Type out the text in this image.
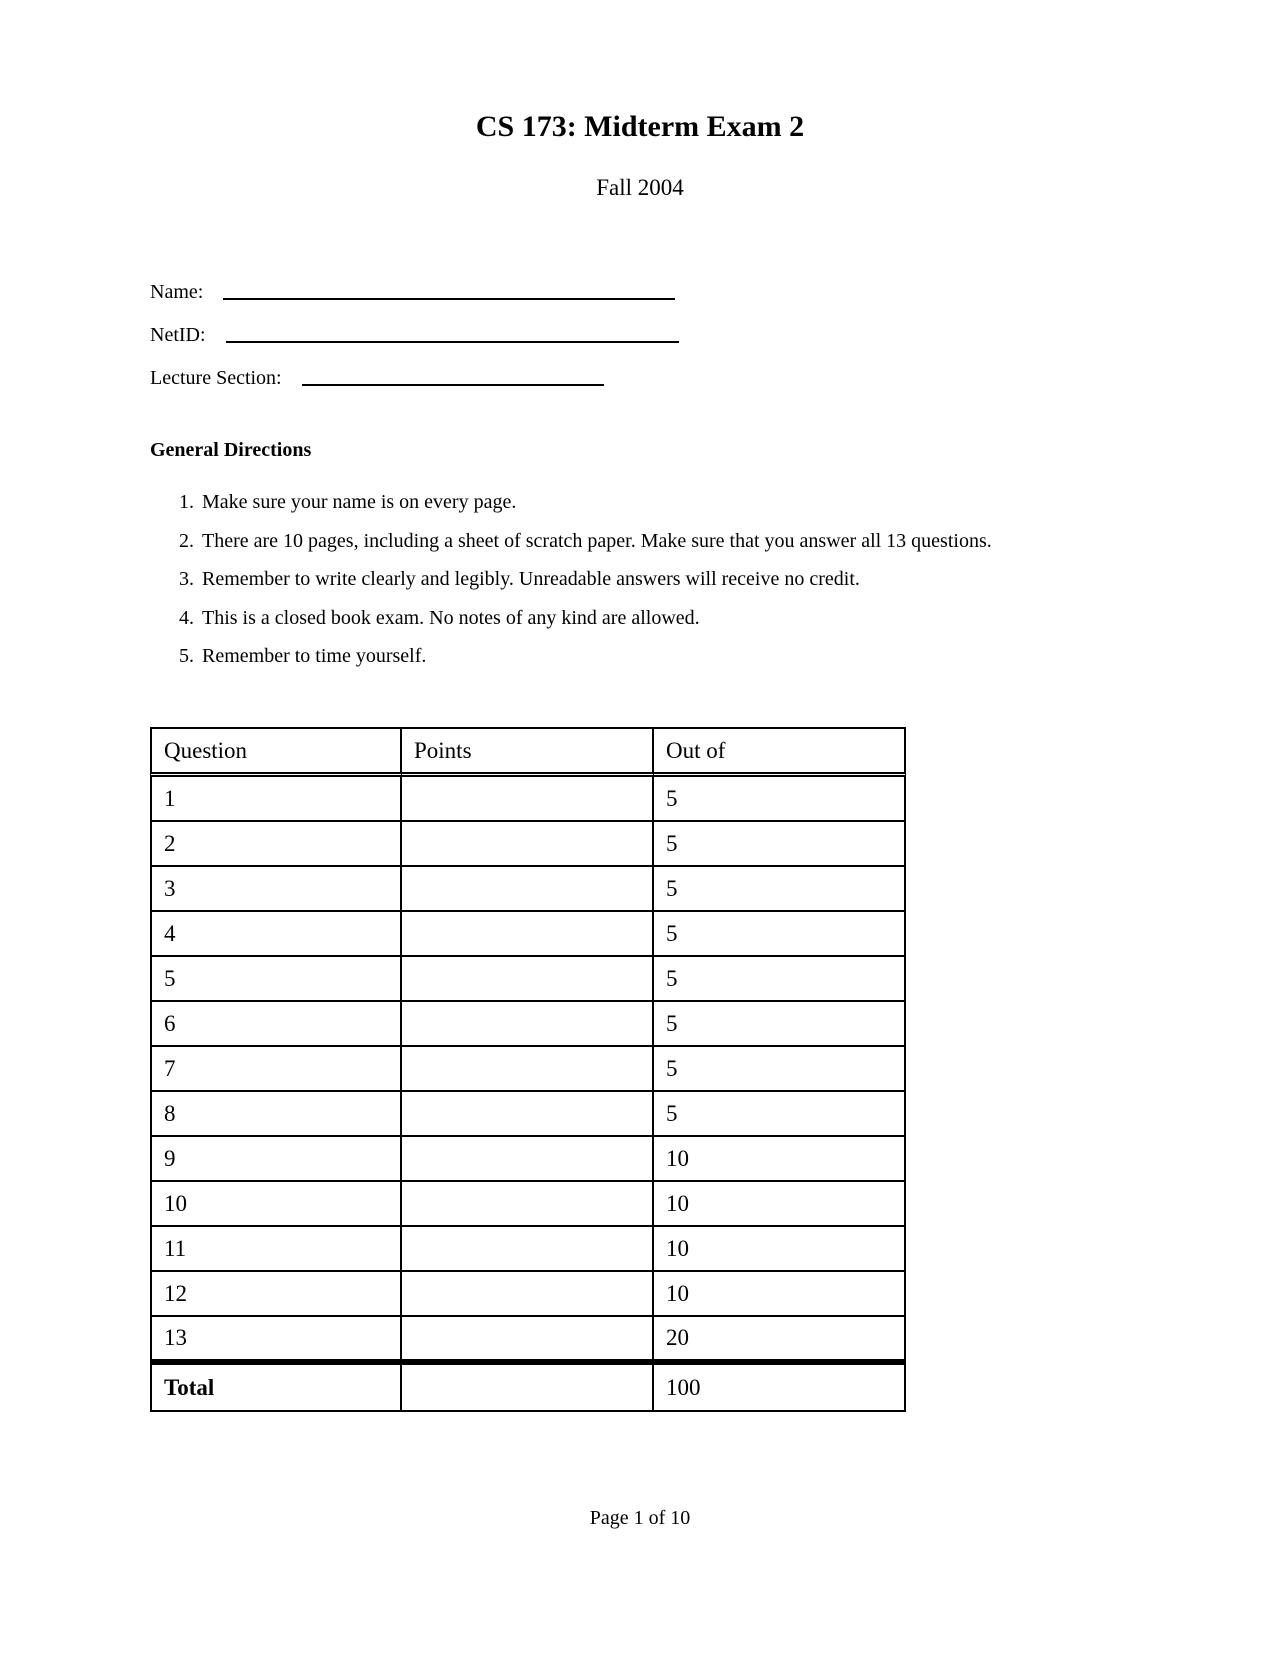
CS 173: Midterm Exam 2
Fall 2004
Name:
NetID:
Lecture Section:
General Directions
1. Make sure your name is on every page.
2. There are 10 pages, including a sheet of scratch paper. Make sure that you answer all 13 questions.
3. Remember to write clearly and legibly. Unreadable answers will receive no credit.
4. This is a closed book exam. No notes of any kind are allowed.
5. Remember to time yourself.
Question	Points	Out of
1		5
2		5
3		5
4		5
5		5
6		5
7		5
8		5
9		10
10		10
11		10
12		10
13		20
Total		100
Page 1 of 10
